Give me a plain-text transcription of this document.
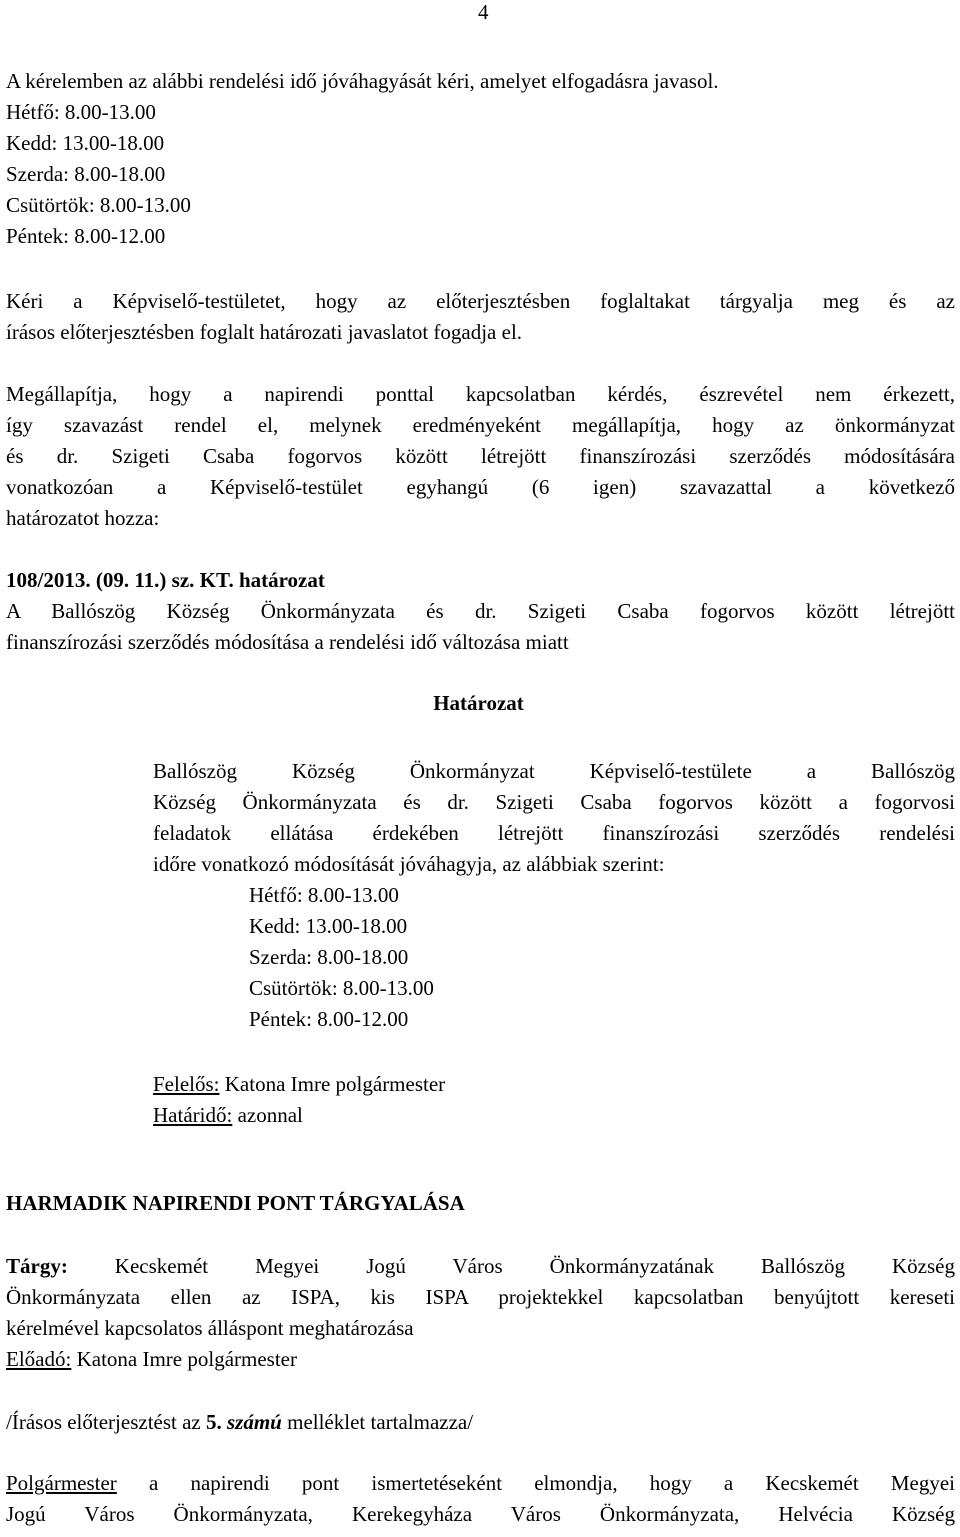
4
A kérelemben az alábbi rendelési idő jóváhagyását kéri, amelyet elfogadásra javasol.
Hétfő: 8.00-13.00
Kedd: 13.00-18.00
Szerda: 8.00-18.00
Csütörtök: 8.00-13.00
Péntek: 8.00-12.00

Kéri a Képviselő-testületet, hogy az előterjesztésben foglaltakat tárgyalja meg és az

írásos előterjesztésben foglalt határozati javaslatot fogadja el.

Megállapítja, hogy a napirendi ponttal kapcsolatban kérdés, észrevétel nem érkezett,

így szavazást rendel el, melynek eredményeként megállapítja, hogy az önkormányzat

és dr. Szigeti Csaba fogorvos között létrejött finanszírozási szerződés módosítására

vonatkozóan a Képviselő-testület egyhangú (6 igen) szavazattal a következő

határozatot hozza:
108/2013. (09. 11.) sz. KT. határozat

A Ballószög Község Önkormányzata és dr. Szigeti Csaba fogorvos között létrejött

finanszírozási szerződés módosítása a rendelési idő változása miatt
Határozat

Ballószög Község Önkormányzat Képviselő-testülete a Ballószög

Község Önkormányzata és dr. Szigeti Csaba fogorvos között a fogorvosi

feladatok ellátása érdekében létrejött finanszírozási szerződés rendelési

időre vonatkozó módosítását jóváhagyja, az alábbiak szerint:
Hétfő: 8.00-13.00
Kedd: 13.00-18.00
Szerda: 8.00-18.00
Csütörtök: 8.00-13.00
Péntek: 8.00-12.00
Felelős: Katona Imre polgármester
Határidő: azonnal
HARMADIK NAPIRENDI PONT TÁRGYALÁSA

Tárgy: Kecskemét Megyei Jogú Város Önkormányzatának Ballószög Község

Önkormányzata ellen az ISPA, kis ISPA projektekkel kapcsolatban benyújtott kereseti

kérelmével kapcsolatos álláspont meghatározása
Előadó: Katona Imre polgármester
/Írásos előterjesztést az 5. számú melléklet tartalmazza/

Polgármester a napirendi pont ismertetéseként elmondja, hogy a Kecskemét Megyei

Jogú Város Önkormányzata, Kerekegyháza Város Önkormányzata, Helvécia Község
